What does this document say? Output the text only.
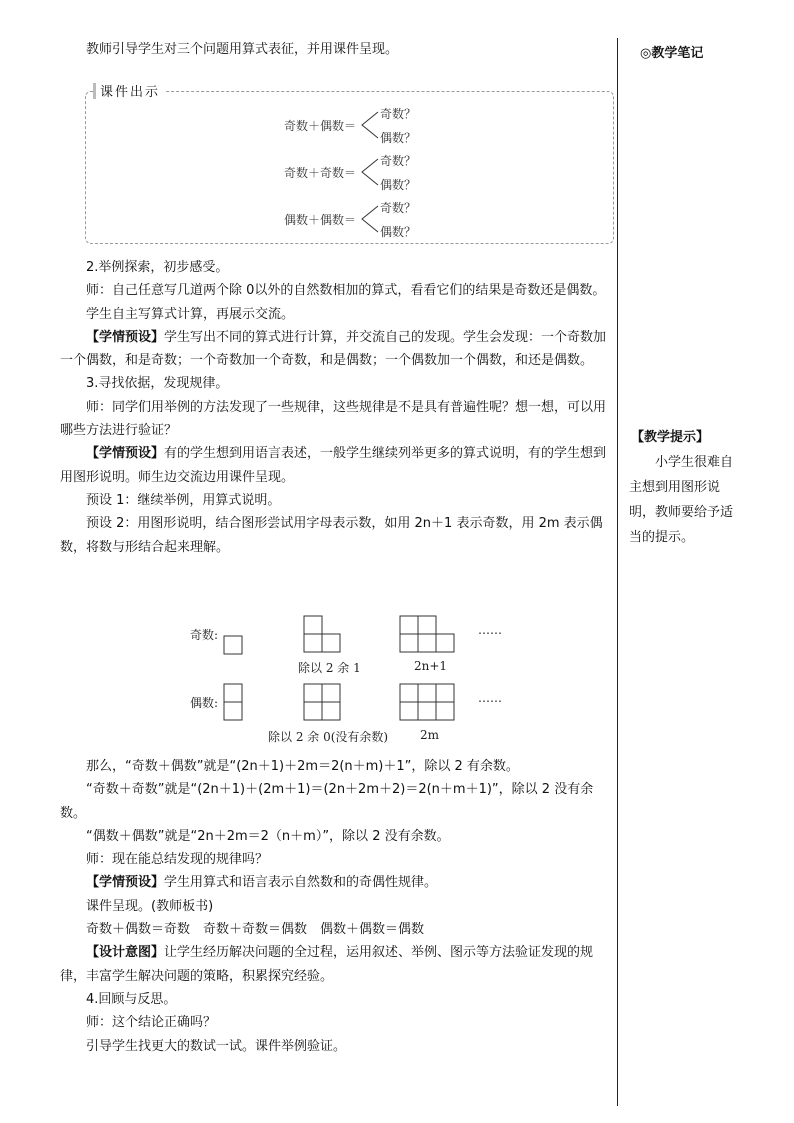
教师引导学生对三个问题用算式表征，并用课件呈现。

课件出示
奇数＋偶数＝
奇数？
偶数？
奇数＋奇数＝
奇数？
偶数？
偶数＋偶数＝
奇数？
偶数？

2.举例探索，初步感受。

师：自己任意写几道两个除 0以外的自然数相加的算式，看看它们的结果是奇数还是偶数。

学生自主写算式计算，再展示交流。

【学情预设】学生写出不同的算式进行计算，并交流自己的发现。学生会发现：一个奇数加一个偶数，和是奇数；一个奇数加一个奇数，和是偶数；一个偶数加一个偶数，和还是偶数。

3.寻找依据，发现规律。

师：同学们用举例的方法发现了一些规律，这些规律是不是具有普遍性呢？想一想，可以用哪些方法进行验证？

【学情预设】有的学生想到用语言表述，一般学生继续列举更多的算式说明，有的学生想到用图形说明。师生边交流边用课件呈现。

预设 1：继续举例，用算式说明。

预设 2：用图形说明，结合图形尝试用字母表示数，如用 2n＋1 表示奇数，用 2m 表示偶数，将数与形结合起来理解。

奇数:
偶数:
除以 2 余 1	2n+1
除以 2 余 0(没有余数)	2m
……
……

那么，“奇数＋偶数”就是“(2n＋1)＋2m＝2(n＋m)＋1”，除以 2 有余数。

“奇数＋奇数”就是“(2n＋1)＋(2m＋1)＝(2n＋2m＋2)＝2(n＋m＋1)”，除以 2 没有余数。

“偶数＋偶数”就是“2n＋2m＝2（n＋m）”，除以 2 没有余数。

师：现在能总结发现的规律吗？

【学情预设】学生用算式和语言表示自然数和的奇偶性规律。

课件呈现。(教师板书)

奇数＋偶数＝奇数　奇数＋奇数＝偶数　偶数＋偶数＝偶数

【设计意图】让学生经历解决问题的全过程，运用叙述、举例、图示等方法验证发现的规律，丰富学生解决问题的策略，积累探究经验。

4.回顾与反思。

师：这个结论正确吗？

引导学生找更大的数试一试。课件举例验证。

◎教学笔记
【教学提示】

小学生很难自主想到用图形说明，教师要给予适当的提示。
